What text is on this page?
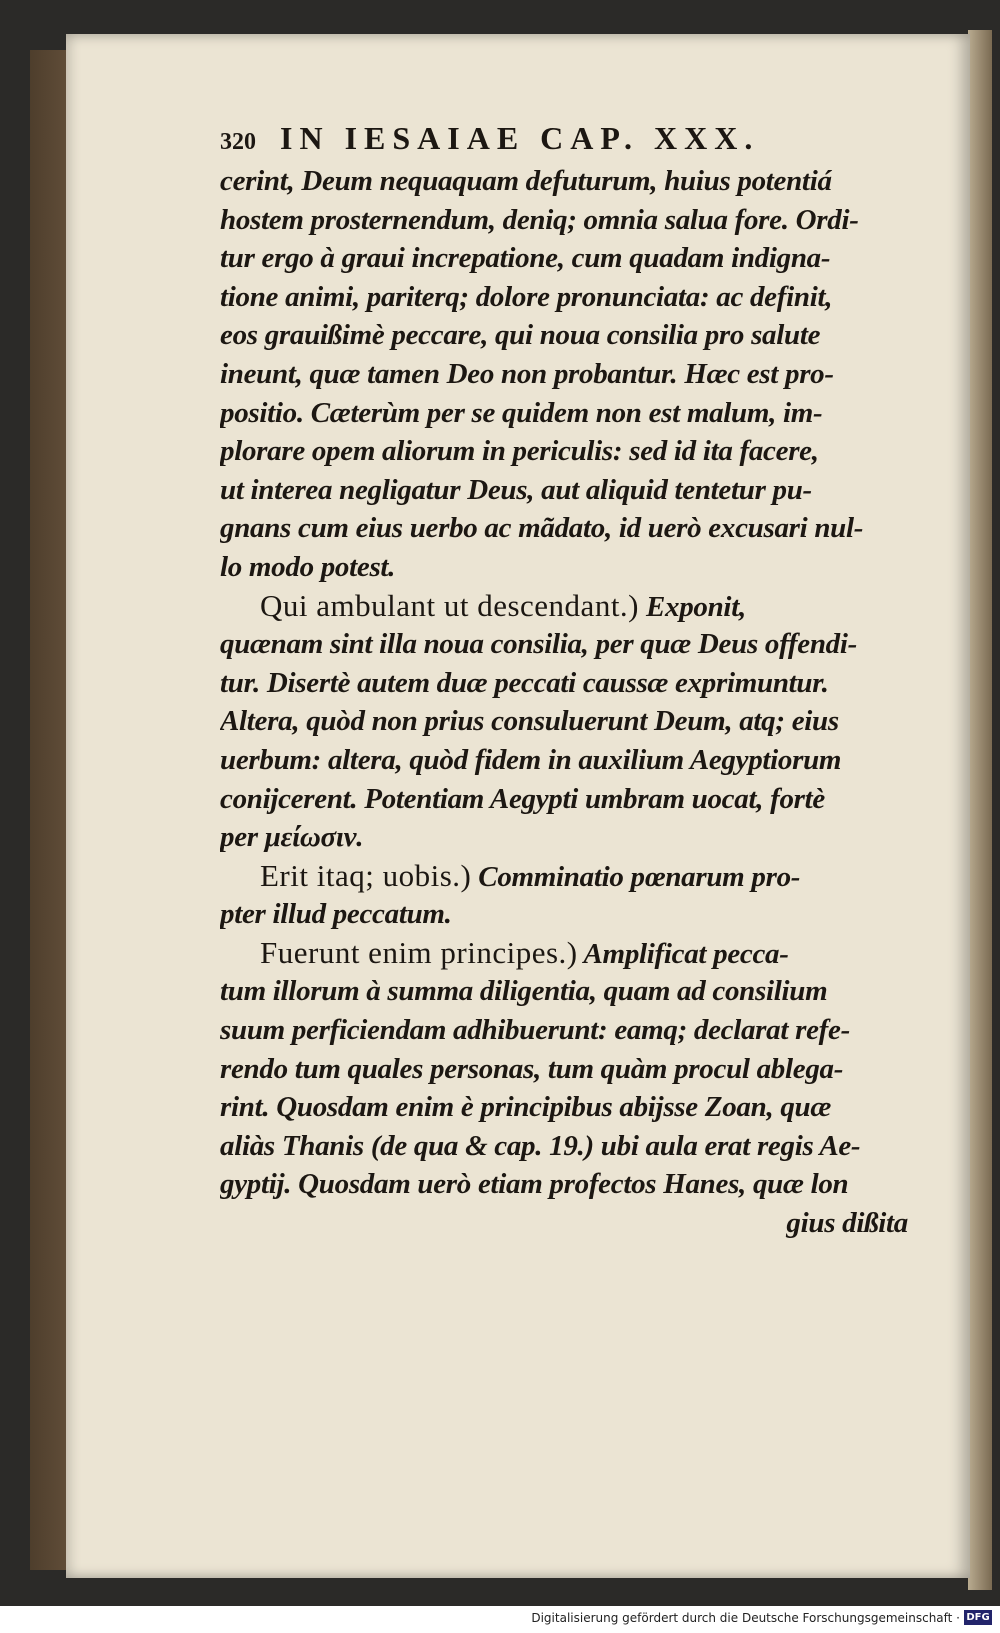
320 IN IESAIAE CAP. XXX.
cerint, Deum nequaquam defuturum, huius potentiá
hostem prosternendum, deniq; omnia salua fore. Ordi-
tur ergo à graui increpatione, cum quadam indigna-
tione animi, pariterq; dolore pronunciata: ac definit,
eos grauißimè peccare, qui noua consilia pro salute
ineunt, quæ tamen Deo non probantur. Hæc est pro-
positio. Cæterùm per se quidem non est malum, im-
plorare opem aliorum in periculis: sed id ita facere,
ut interea negligatur Deus, aut aliquid tentetur pu-
gnans cum eius uerbo ac mãdato, id uerò excusari nul-
lo modo potest.
Qui ambulant ut descendant.) Exponit,
quænam sint illa noua consilia, per quæ Deus offendi-
tur. Disertè autem duæ peccati caussæ exprimuntur.
Altera, quòd non prius consuluerunt Deum, atq; eius
uerbum: altera, quòd fidem in auxilium Aegyptiorum
conijcerent. Potentiam Aegypti umbram uocat, fortè
per μείωσιν.
Erit itaq; uobis.) Comminatio pœnarum pro-
pter illud peccatum.
Fuerunt enim principes.) Amplificat pecca-
tum illorum à summa diligentia, quam ad consilium
suum perficiendam adhibuerunt: eamq; declarat refe-
rendo tum quales personas, tum quàm procul ablega-
rint. Quosdam enim è principibus abijsse Zoan, quæ
aliàs Thanis (de qua & cap. 19.) ubi aula erat regis Ae-
gyptij. Quosdam uerò etiam profectos Hanes, quæ lon
gius dißita
Digitalisierung gefördert durch die Deutsche Forschungsgemeinschaft · DFG
